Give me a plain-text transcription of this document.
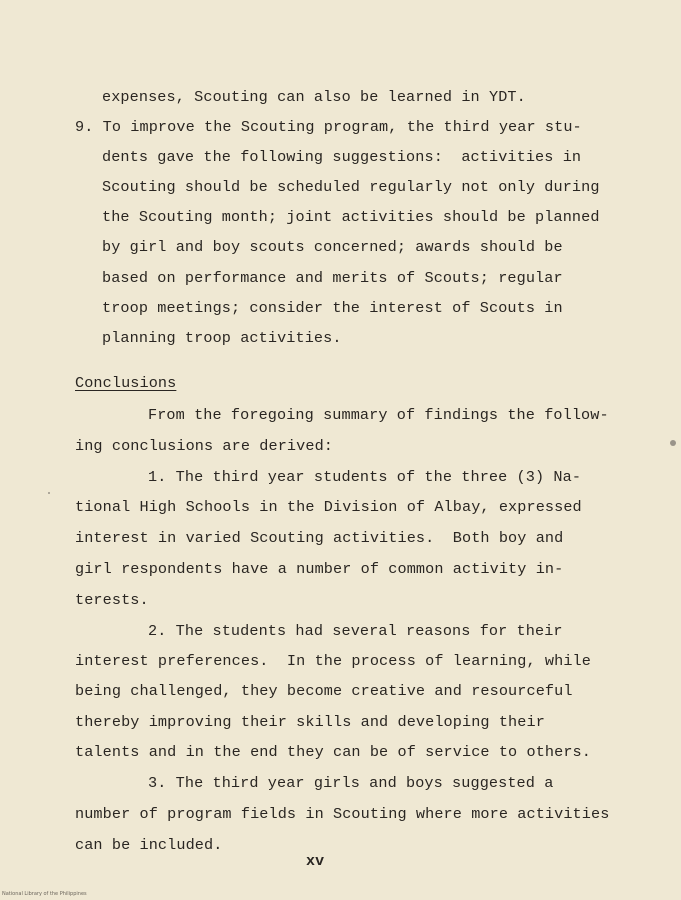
expenses, Scouting can also be learned in YDT.
9. To improve the Scouting program, the third year stu-
dents gave the following suggestions:  activities in
Scouting should be scheduled regularly not only during
the Scouting month; joint activities should be planned
by girl and boy scouts concerned; awards should be
based on performance and merits of Scouts; regular
troop meetings; consider the interest of Scouts in
planning troop activities.
Conclusions
From the foregoing summary of findings the follow-
ing conclusions are derived:
1. The third year students of the three (3) Na-
tional High Schools in the Division of Albay, expressed
interest in varied Scouting activities.  Both boy and
girl respondents have a number of common activity in-
terests.
2. The students had several reasons for their
interest preferences.  In the process of learning, while
being challenged, they become creative and resourceful
thereby improving their skills and developing their
talents and in the end they can be of service to others.
3. The third year girls and boys suggested a
number of program fields in Scouting where more activities
can be included.
xv
National Library of the Philippines
